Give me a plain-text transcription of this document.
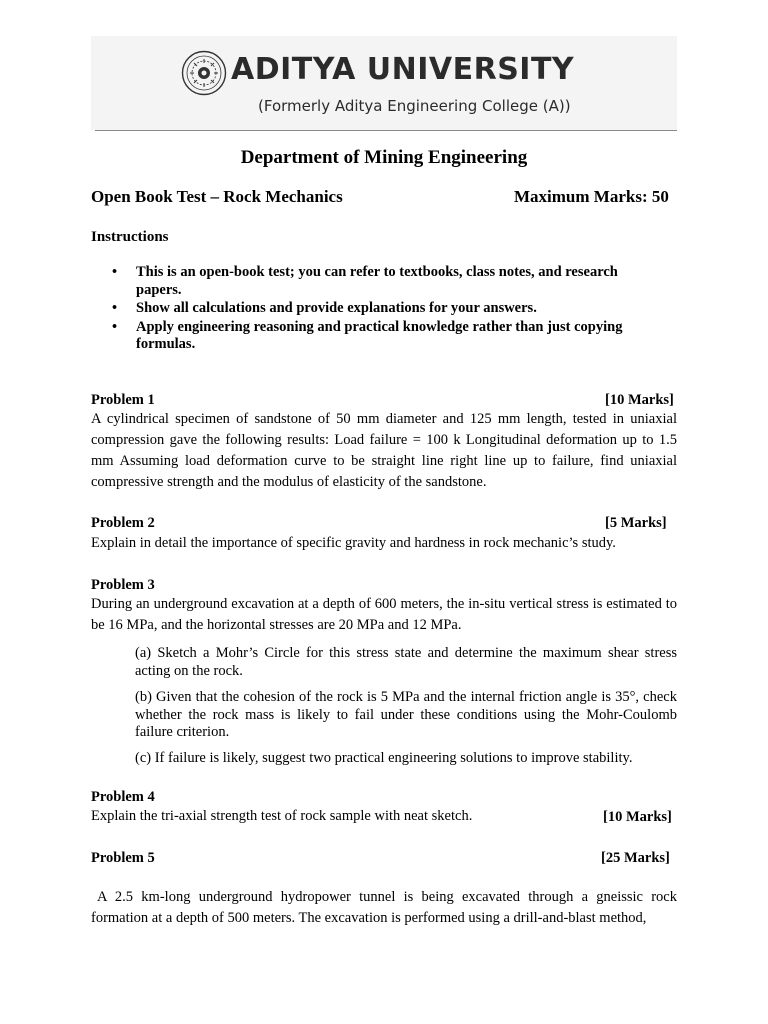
ADITYA UNIVERSITY
(Formerly Aditya Engineering College (A))
Department of Mining Engineering
Open Book Test – Rock Mechanics	Maximum Marks: 50
Instructions
• This is an open-book test; you can refer to textbooks, class notes, and research papers.
• Show all calculations and provide explanations for your answers.
• Apply engineering reasoning and practical knowledge rather than just copying formulas.
Problem 1	[10 Marks]
A cylindrical specimen of sandstone of 50 mm diameter and 125 mm length, tested in uniaxial compression gave the following results: Load failure = 100 k Longitudinal deformation up to 1.5 mm Assuming load deformation curve to be straight line right line up to failure, find uniaxial compressive strength and the modulus of elasticity of the sandstone.
Problem 2	[5 Marks]
Explain in detail the importance of specific gravity and hardness in rock mechanic’s study.
Problem 3
During an underground excavation at a depth of 600 meters, the in-situ vertical stress is estimated to be 16 MPa, and the horizontal stresses are 20 MPa and 12 MPa.
(a) Sketch a Mohr’s Circle for this stress state and determine the maximum shear stress acting on the rock.
(b) Given that the cohesion of the rock is 5 MPa and the internal friction angle is 35°, check whether the rock mass is likely to fail under these conditions using the Mohr-Coulomb failure criterion.
(c) If failure is likely, suggest two practical engineering solutions to improve stability.
Problem 4
Explain the tri-axial strength test of rock sample with neat sketch.	[10 Marks]
Problem 5	[25 Marks]
A 2.5 km-long underground hydropower tunnel is being excavated through a gneissic rock formation at a depth of 500 meters. The excavation is performed using a drill-and-blast method,
